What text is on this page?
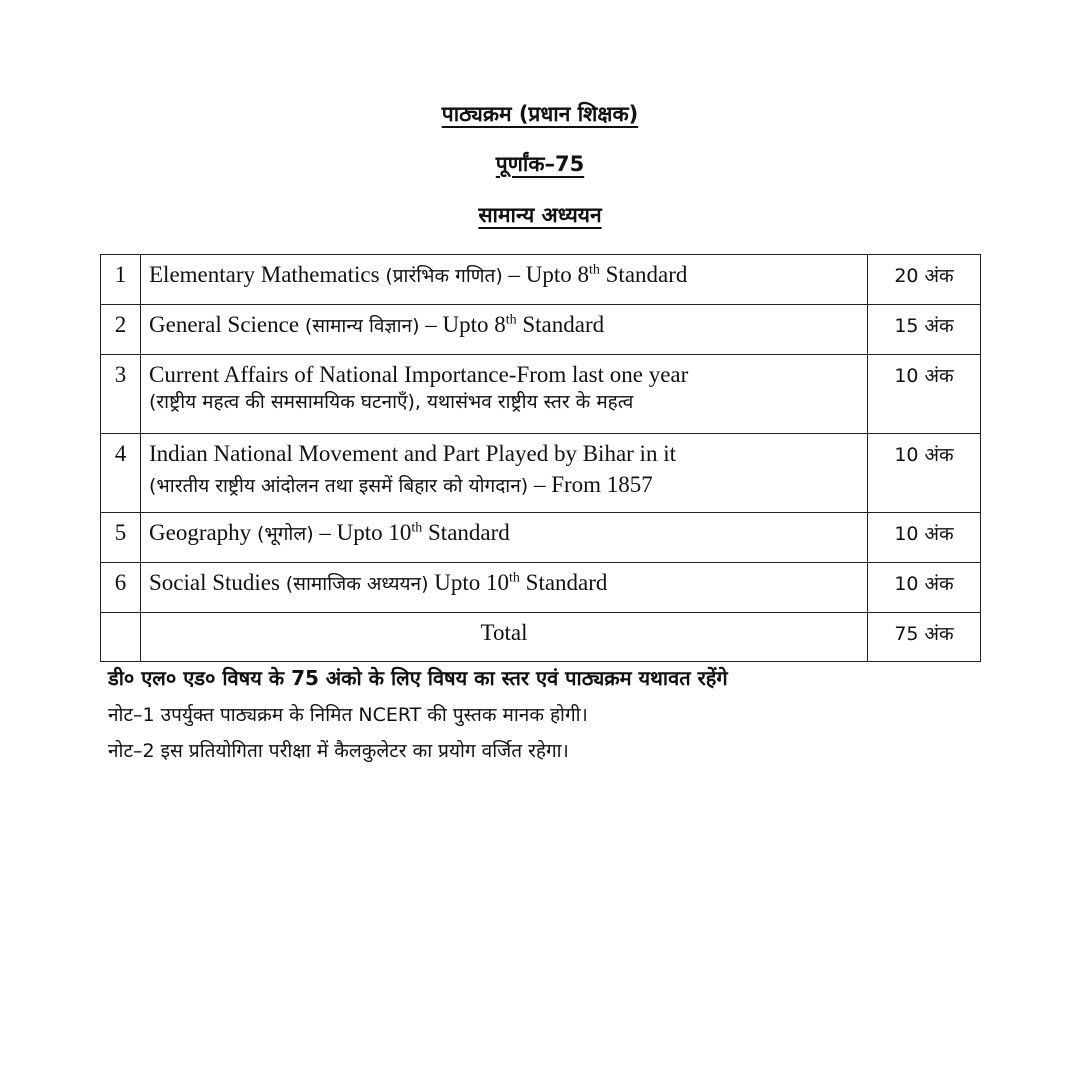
पाठ्यक्रम (प्रधान शिक्षक)
पूर्णांक–75
सामान्य अध्ययन
1	Elementary Mathematics (प्रारंभिक गणित) – Upto 8th Standard	20 अंक
2	General Science (सामान्य विज्ञान) – Upto 8th Standard	15 अंक
3	Current Affairs of National Importance-From last one year
(राष्ट्रीय महत्व की समसामयिक घटनाएँ), यथासंभव राष्ट्रीय स्तर के महत्व	10 अंक
4	Indian National Movement and Part Played by Bihar in it
(भारतीय राष्ट्रीय आंदोलन तथा इसमें बिहार को योगदान) – From 1857	10 अंक
5	Geography (भूगोल) – Upto 10th Standard	10 अंक
6	Social Studies (सामाजिक अध्ययन) Upto 10th Standard	10 अंक
	Total	75 अंक
डी० एल० एड० विषय के 75 अंको के लिए विषय का स्तर एवं पाठ्यक्रम यथावत रहेंगे
नोट–1 उपर्युक्त पाठ्यक्रम के निमित NCERT की पुस्तक मानक होगी।
नोट–2 इस प्रतियोगिता परीक्षा में कैलकुलेटर का प्रयोग वर्जित रहेगा।
